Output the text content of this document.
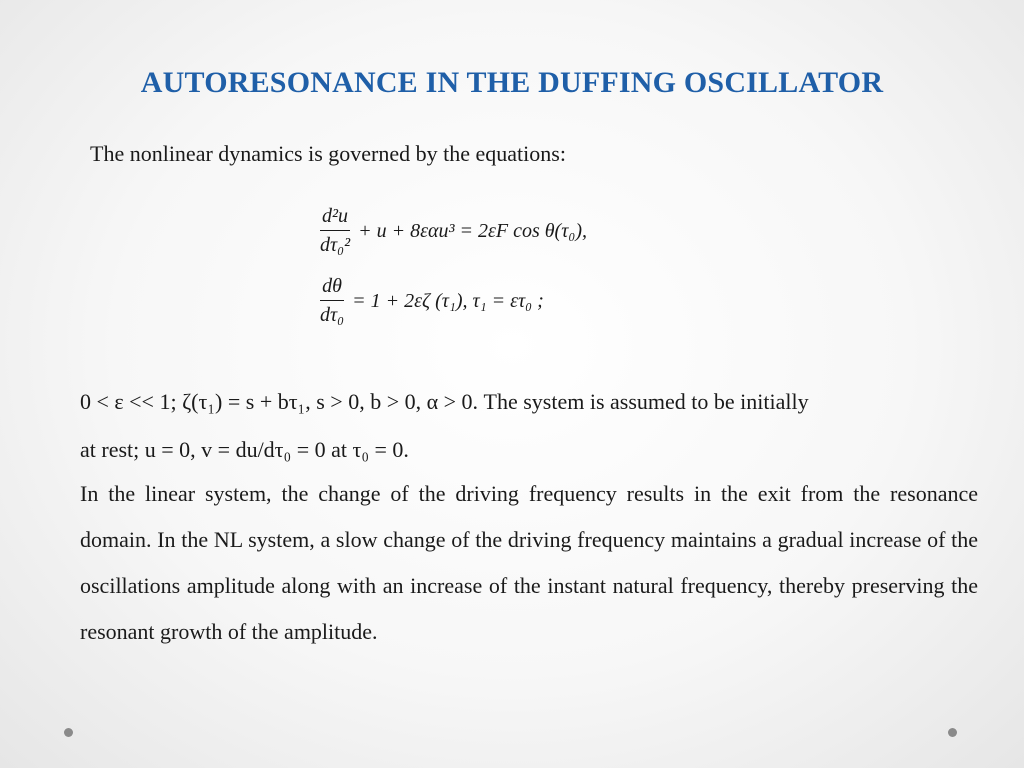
AUTORESONANCE IN THE DUFFING OSCILLATOR
The nonlinear dynamics is governed by the equations:
$\frac{\text{d²u}}{\text{dτ₀²}} + u + 8\varepsilon\alpha u^3 = 2\varepsilon F$ cos θ(τ₀),
$\frac{d\theta}{\text{dτ₀}} = 1 + 2\varepsilon\zeta$ (τ₁), τ₁ = ετ₀ ;
0 < ε << 1; ζ(τ₁) = s + bτ₁, s > 0, b > 0, α > 0. The system is assumed to be initially
at rest; u = 0, v = du/dτ₀ = 0 at τ₀ = 0.
In the linear system, the change of the driving frequency results in the exit from the resonance domain. In the NL system, a slow change of the driving frequency maintains a gradual increase of the oscillations amplitude along with an increase of the instant natural frequency, thereby preserving the resonant growth of the amplitude.
